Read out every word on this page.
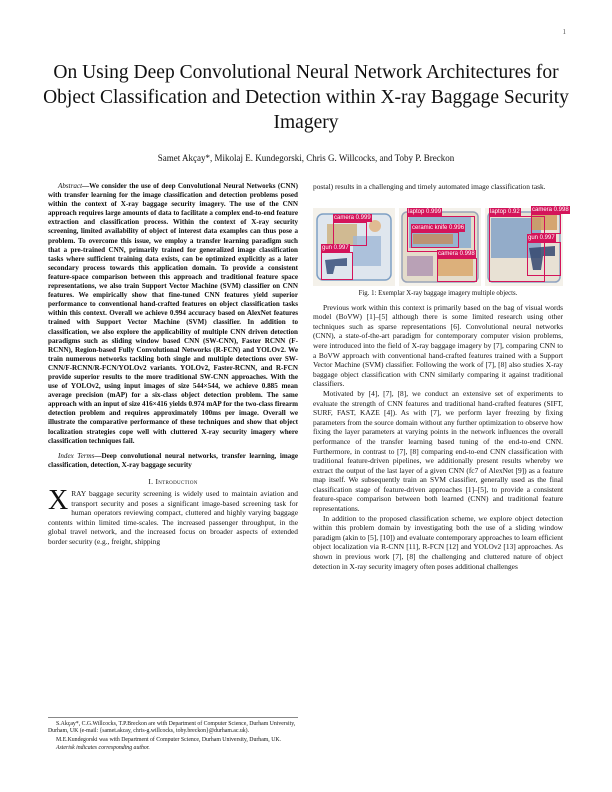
1
On Using Deep Convolutional Neural Network Architectures for Object Classification and Detection within X-ray Baggage Security Imagery
Samet Akçay*, Mikolaj E. Kundegorski, Chris G. Willcocks, and Toby P. Breckon

Abstract—We consider the use of deep Convolutional Neural Networks (CNN) with transfer learning for the image classification and detection problems posed within the context of X-ray baggage security imagery. The use of the CNN approach requires large amounts of data to facilitate a complex end-to-end feature extraction and classification process. Within the context of X-ray security screening, limited availability of object of interest data examples can thus pose a problem. To overcome this issue, we employ a transfer learning paradigm such that a pre-trained CNN, primarily trained for generalized image classification tasks where sufficient training data exists, can be optimized explicitly as a later secondary process towards this application domain. To provide a consistent feature-space comparison between this approach and traditional feature space representations, we also train Support Vector Machine (SVM) classifier on CNN features. We empirically show that fine-tuned CNN features yield superior performance to conventional hand-crafted features on object classification tasks within this context. Overall we achieve 0.994 accuracy based on AlexNet features trained with Support Vector Machine (SVM) classifier. In addition to classification, we also explore the applicability of multiple CNN driven detection paradigms such as sliding window based CNN (SW-CNN), Faster RCNN (F-RCNN), Region-based Fully Convolutional Networks (R-FCN) and YOLOv2. We train numerous networks tackling both single and multiple detections over SW-CNN/F-RCNN/R-FCN/YOLOv2 variants. YOLOv2, Faster-RCNN, and R-FCN provide superior results to the more traditional SW-CNN approaches. With the use of YOLOv2, using input images of size 544×544, we achieve 0.885 mean average precision (mAP) for a six-class object detection problem. The same approach with an input of size 416×416 yields 0.974 mAP for the two-class firearm detection problem and requires approximately 100ms per image. Overall we illustrate the comparative performance of these techniques and show that object localization strategies cope well with cluttered X-ray security imagery where classification techniques fail.

Index Terms—Deep convolutional neural networks, transfer learning, image classification, detection, X-ray baggage security

I. Introduction

XRAY baggage security screening is widely used to maintain aviation and transport security and poses a significant image-based screening task for human operators reviewing compact, cluttered and highly varying baggage contents within limited time-scales. The increased passenger throughput, in the global travel network, and the increased focus on broader aspects of extended border security (e.g., freight, shipping

S.Akçay*, C.G.Willcocks, T.P.Breckon are with Department of Computer Science, Durham University, Durham, UK (e-mail: {samet.akcay, chris-g.willcocks, toby.breckon}@durham.ac.uk).

M.E.Kundegorski was with Department of Computer Science, Durham University, Durham, UK.

Asterisk indicates corresponding author.

postal) results in a challenging and timely automated image classification task.

camera 0.999
gun 0.997
laptop 0.999
ceramic knife 0.996
camera 0.998
laptop 0.92 camera 0.998
gun 0.997
Fig. 1: Exemplar X-ray baggage imagery multiple objects.

Previous work within this context is primarily based on the bag of visual words model (BoVW) [1]–[5] although there is some limited research using other techniques such as sparse representations [6]. Convolutional neural networks (CNN), a state-of-the-art paradigm for contemporary computer vision problems, were introduced into the field of X-ray baggage imagery by [7], comparing CNN to a BoVW approach with conventional hand-crafted features trained with a Support Vector Machine (SVM) classifier. Following the work of [7], [8] also studies X-ray baggage object classification with CNN similarly comparing it against traditional classifiers.

Motivated by [4], [7], [8], we conduct an extensive set of experiments to evaluate the strength of CNN features and traditional hand-crafted features (SIFT, SURF, FAST, KAZE [4]). As with [7], we perform layer freezing by fixing parameters from the source domain without any further optimization to observe how fixing the layer parameters at varying points in the network influences the overall performance of the transfer learning based tuning of the end-to-end CNN. Furthermore, in contrast to [7], [8] comparing end-to-end CNN classification with traditional feature-driven pipelines, we additionally present results whereby we extract the output of the last layer of a given CNN (fc7 of AlexNet [9]) as a feature map itself. We subsequently train an SVM classifier, generally used as the final classification stage of feature-driven approaches [1]–[5], to provide a consistent feature-space comparison between both learned (CNN) and traditional feature representations.

In addition to the proposed classification scheme, we explore object detection within this problem domain by investigating both the use of a sliding window paradigm (akin to [5], [10]) and evaluate contemporary approaches to learn efficient object localization via R-CNN [11], R-FCN [12] and YOLOv2 [13] approaches. As shown in previous work [7], [8] the challenging and cluttered nature of object detection in X-ray security imagery often poses additional challenges
